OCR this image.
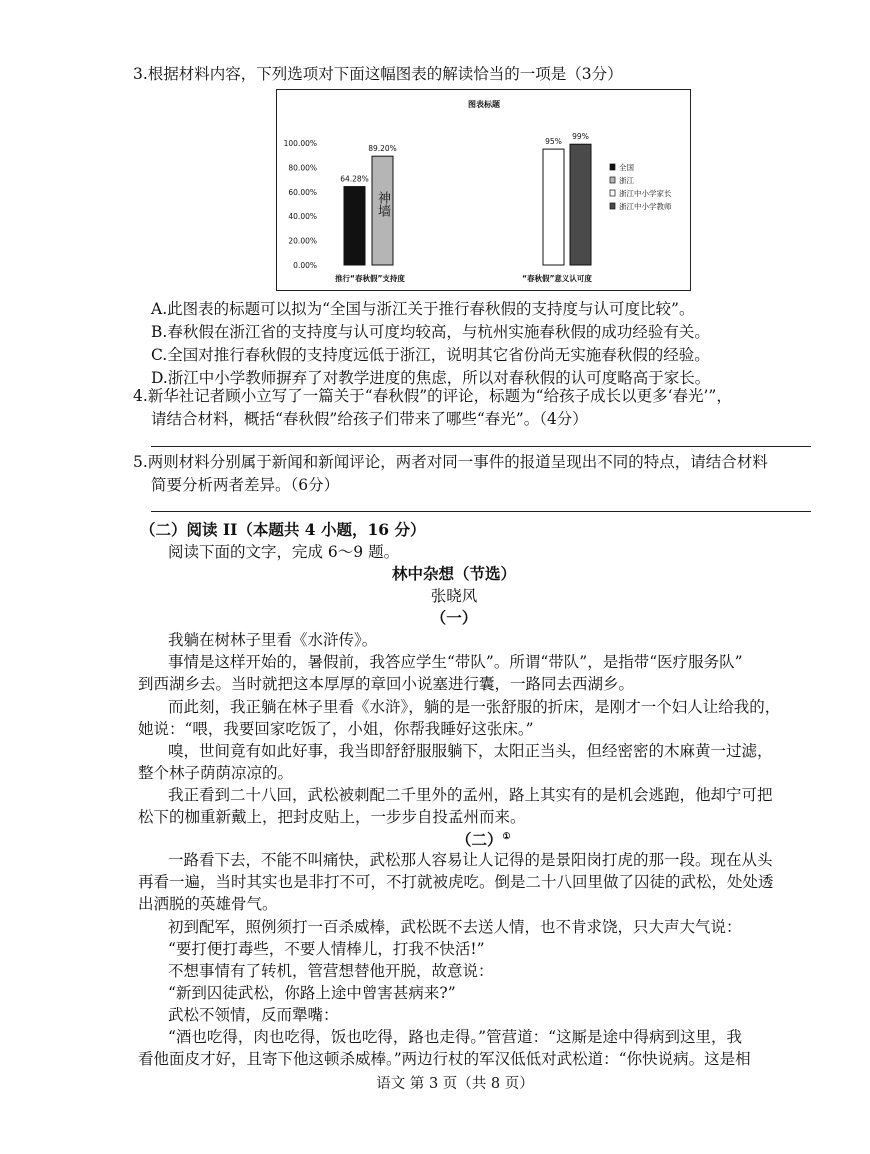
3.根据材料内容，下列选项对下面这幅图表的解读恰当的一项是（3分）
图表标题
100.00%
80.00%
60.00%
40.00%
20.00%
0.00%
64.28%
89.20%
神墙
95%
99%
推行“春秋假”支持度	“春秋假”意义认可度
全国
浙江
浙江中小学家长
浙江中小学教师
A.此图表的标题可以拟为“全国与浙江关于推行春秋假的支持度与认可度比较”。
B.春秋假在浙江省的支持度与认可度均较高，与杭州实施春秋假的成功经验有关。
C.全国对推行春秋假的支持度远低于浙江，说明其它省份尚无实施春秋假的经验。
D.浙江中小学教师摒弃了对教学进度的焦虑，所以对春秋假的认可度略高于家长。
4.新华社记者顾小立写了一篇关于“春秋假”的评论，标题为“给孩子成长以更多‘春光’”，
请结合材料，概括“春秋假”给孩子们带来了哪些“春光”。（4分）
5.两则材料分别属于新闻和新闻评论，两者对同一事件的报道呈现出不同的特点，请结合材料
简要分析两者差异。（6分）
（二）阅读 II（本题共 4 小题，16 分）
阅读下面的文字，完成 6～9 题。
林中杂想（节选）
张晓风
（一）
我躺在树林子里看《水浒传》。
事情是这样开始的，暑假前，我答应学生“带队”。所谓“带队”，是指带“医疗服务队”
到西湖乡去。当时就把这本厚厚的章回小说塞进行囊，一路同去西湖乡。
而此刻，我正躺在林子里看《水浒》，躺的是一张舒服的折床，是刚才一个妇人让给我的，
她说：“喂，我要回家吃饭了，小姐，你帮我睡好这张床。”
嗅，世间竟有如此好事，我当即舒舒服服躺下，太阳正当头，但经密密的木麻黄一过滤，
整个林子荫荫凉凉的。
我正看到二十八回，武松被刺配二千里外的孟州，路上其实有的是机会逃跑，他却宁可把
松下的枷重新戴上，把封皮贴上，一步步自投孟州而来。
（二）①
一路看下去，不能不叫痛快，武松那人容易让人记得的是景阳岗打虎的那一段。现在从头
再看一遍，当时其实也是非打不可，不打就被虎吃。倒是二十八回里做了囚徒的武松，处处透
出洒脱的英雄骨气。
初到配军，照例须打一百杀威棒，武松既不去送人情，也不肯求饶，只大声大气说：
“要打便打毒些，不要人情棒儿，打我不快活!”
不想事情有了转机，管营想替他开脱，故意说：
“新到囚徒武松，你路上途中曾害甚病来?”
武松不领情，反而犟嘴：
“酒也吃得，肉也吃得，饭也吃得，路也走得。”管营道：“这厮是途中得病到这里，我
看他面皮才好，且寄下他这顿杀威棒。”两边行杖的军汉低低对武松道：“你快说病。这是相
语文 第 3 页（共 8 页）
